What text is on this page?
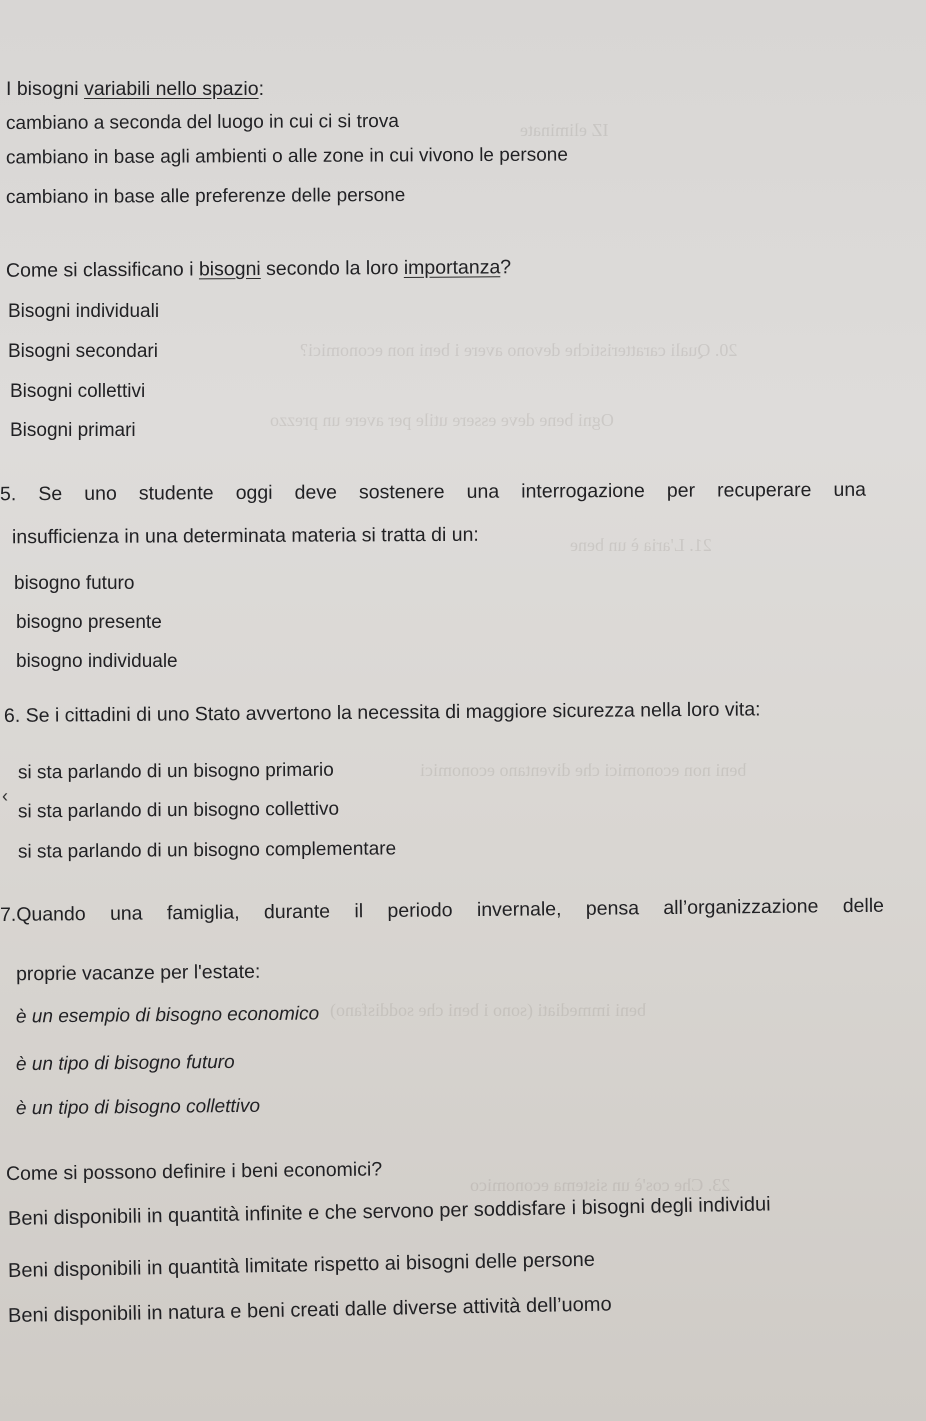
IZ eliminate
20. Quali caratteristiche devono avere i beni non economici?
Ogni bene deve essere utile per avere un prezzo
21. L'aria è un bene
beni non economici che diventano economici
beni immediati (sono i beni che soddisfano)
23. Che cos'è un sistema economico
I bisogni variabili nello spazio:
cambiano a seconda del luogo in cui ci si trova
cambiano in base agli ambienti o alle zone in cui vivono le persone
cambiano in base alle preferenze delle persone
Come si classificano i bisogni secondo la loro importanza?
Bisogni individuali
Bisogni secondari
Bisogni collettivi
Bisogni primari
5. Se uno studente oggi deve sostenere una interrogazione per recuperare una
insufficienza in una determinata materia si tratta di un:
bisogno futuro
bisogno presente
bisogno individuale
6. Se i cittadini di uno Stato avvertono la necessita di maggiore sicurezza nella loro vita:
si sta parlando di un bisogno primario
‹
si sta parlando di un bisogno collettivo
si sta parlando di un bisogno complementare
7.Quando una famiglia, durante il periodo invernale, pensa all’organizzazione delle
proprie vacanze per l'estate:
è un esempio di bisogno economico
è un tipo di bisogno futuro
è un tipo di bisogno collettivo
Come si possono definire i beni economici?
Beni disponibili in quantità infinite e che servono per soddisfare i bisogni degli individui
Beni disponibili in quantità limitate rispetto ai bisogni delle persone
Beni disponibili in natura e beni creati dalle diverse attività dell’uomo
